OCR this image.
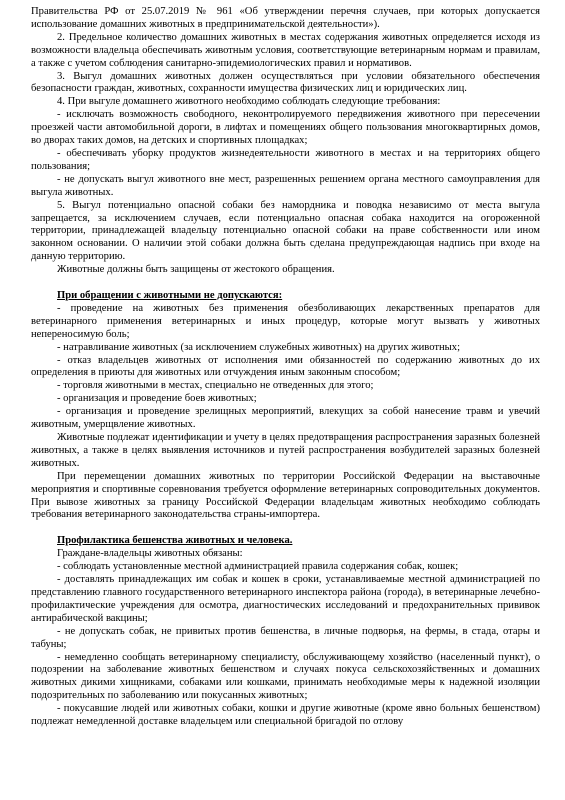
Правительства РФ от 25.07.2019 № 961 «Об утверждении перечня случаев, при которых допускается использование домашних животных в предпринимательской деятельности»).

2. Предельное количество домашних животных в местах содержания животных определяется исходя из возможности владельца обеспечивать животным условия, соответствующие ветеринарным нормам и правилам, а также с учетом соблюдения санитарно-эпидемиологических правил и нормативов.

3. Выгул домашних животных должен осуществляться при условии обязательного обеспечения безопасности граждан, животных, сохранности имущества физических лиц и юридических лиц.

4. При выгуле домашнего животного необходимо соблюдать следующие требования:

- исключать возможность свободного, неконтролируемого передвижения животного при пересечении проезжей части автомобильной дороги, в лифтах и помещениях общего пользования многоквартирных домов, во дворах таких домов, на детских и спортивных площадках;

- обеспечивать уборку продуктов жизнедеятельности животного в местах и на территориях общего пользования;

- не допускать выгул животного вне мест, разрешенных решением органа местного самоуправления для выгула животных.

5. Выгул потенциально опасной собаки без намордника и поводка независимо от места выгула запрещается, за исключением случаев, если потенциально опасная собака находится на огороженной территории, принадлежащей владельцу потенциально опасной собаки на праве собственности или ином законном основании. О наличии этой собаки должна быть сделана предупреждающая надпись при входе на данную территорию.

Животные должны быть защищены от жестокого обращения.

При обращении с животными не допускаются:

- проведение на животных без применения обезболивающих лекарственных препаратов для ветеринарного применения ветеринарных и иных процедур, которые могут вызвать у животных непереносимую боль;

- натравливание животных (за исключением служебных животных) на других животных;

- отказ владельцев животных от исполнения ими обязанностей по содержанию животных до их определения в приюты для животных или отчуждения иным законным способом;

- торговля животными в местах, специально не отведенных для этого;

- организация и проведение боев животных;

- организация и проведение зрелищных мероприятий, влекущих за собой нанесение травм и увечий животным, умерщвление животных.

Животные подлежат идентификации и учету в целях предотвращения распространения заразных болезней животных, а также в целях выявления источников и путей распространения возбудителей заразных болезней животных.

При перемещении домашних животных по территории Российской Федерации на выставочные мероприятия и спортивные соревнования требуется оформление ветеринарных сопроводительных документов. При вывозе животных за границу Российской Федерации владельцам животных необходимо соблюдать требования ветеринарного законодательства страны-импортера.

Профилактика бешенства животных и человека.

Граждане-владельцы животных обязаны:

- соблюдать установленные местной администрацией правила содержания собак, кошек;

- доставлять принадлежащих им собак и кошек в сроки, устанавливаемые местной администрацией по представлению главного государственного ветеринарного инспектора района (города), в ветеринарные лечебно-профилактические учреждения для осмотра, диагностических исследований и предохранительных прививок антирабической вакцины;

- не допускать собак, не привитых против бешенства, в личные подворья, на фермы, в стада, отары и табуны;

- немедленно сообщать ветеринарному специалисту, обслуживающему хозяйство (населенный пункт), о подозрении на заболевание животных бешенством и случаях покуса сельскохозяйственных и домашних животных дикими хищниками, собаками или кошками, принимать необходимые меры к надежной изоляции подозрительных по заболеванию или покусанных животных;

- покусавшие людей или животных собаки, кошки и другие животные (кроме явно больных бешенством) подлежат немедленной доставке владельцем или специальной бригадой по отлову
